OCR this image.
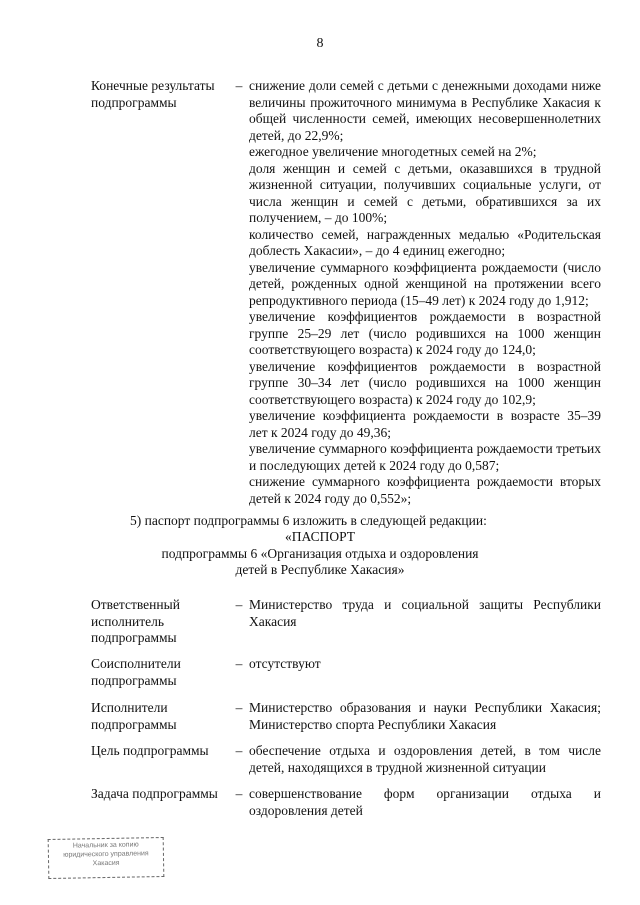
8
Конечные результаты подпрограммы
– снижение доли семей с детьми с денежными доходами ниже величины прожиточного минимума в Республике Хакасия к общей численности семей, имеющих несовершеннолетних детей, до 22,9%;

ежегодное увеличение многодетных семей на 2%;

доля женщин и семей с детьми, оказавшихся в трудной жизненной ситуации, получивших социальные услуги, от числа женщин и семей с детьми, обратившихся за их получением, – до 100%;

количество семей, награжденных медалью «Родительская доблесть Хакасии», – до 4 единиц ежегодно;

увеличение суммарного коэффициента рождаемости (число детей, рожденных одной женщиной на протяжении всего репродуктивного периода (15–49 лет) к 2024 году до 1,912;

увеличение коэффициентов рождаемости в возрастной группе 25–29 лет (число родившихся на 1000 женщин соответствующего возраста) к 2024 году до 124,0;

увеличение коэффициентов рождаемости в возрастной группе 30–34 лет (число родившихся на 1000 женщин соответствующего возраста) к 2024 году до 102,9;

увеличение коэффициента рождаемости в возрасте 35–39 лет к 2024 году до 49,36;

увеличение суммарного коэффициента рождаемости третьих и последующих детей к 2024 году до 0,587;

снижение суммарного коэффициента рождаемости вторых детей к 2024 году до 0,552»;

5) паспорт подпрограммы 6 изложить в следующей редакции:
«ПАСПОРТ
подпрограммы 6 «Организация отдыха и оздоровления
детей в Республике Хакасия»
Ответственный исполнитель подпрограммы
– Министерство труда и социальной защиты Республики Хакасия
Соисполнители подпрограммы
– отсутствуют
Исполнители подпрограммы
– Министерство образования и науки Республики Хакасия; Министерство спорта Республики Хакасия
Цель подпрограммы	– обеспечение отдыха и оздоровления детей, в том числе детей, находящихся в трудной жизненной ситуации
Задача подпрограммы	– совершенствование форм организации отдыха и оздоровления детей
Начальник за копию
юридического управления
Хакасия
